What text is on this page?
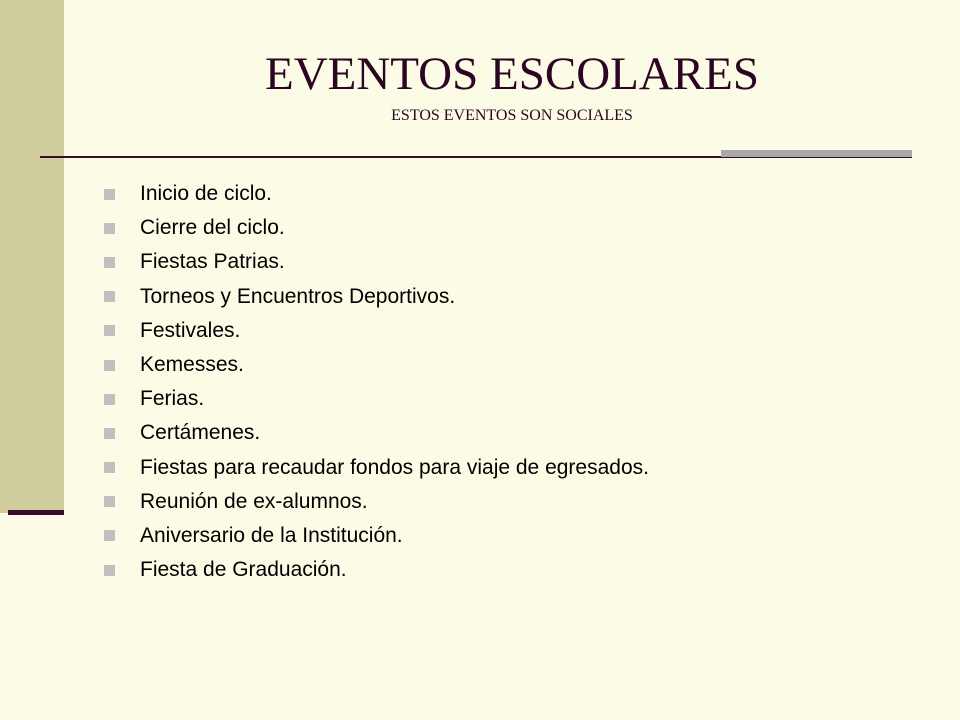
EVENTOS ESCOLARES
ESTOS EVENTOS SON SOCIALES
Inicio de ciclo.
Cierre del ciclo.
Fiestas Patrias.
Torneos y Encuentros Deportivos.
Festivales.
Kemesses.
Ferias.
Certámenes.
Fiestas para recaudar fondos para viaje de egresados.
Reunión de ex-alumnos.
Aniversario de la Institución.
Fiesta de Graduación.
